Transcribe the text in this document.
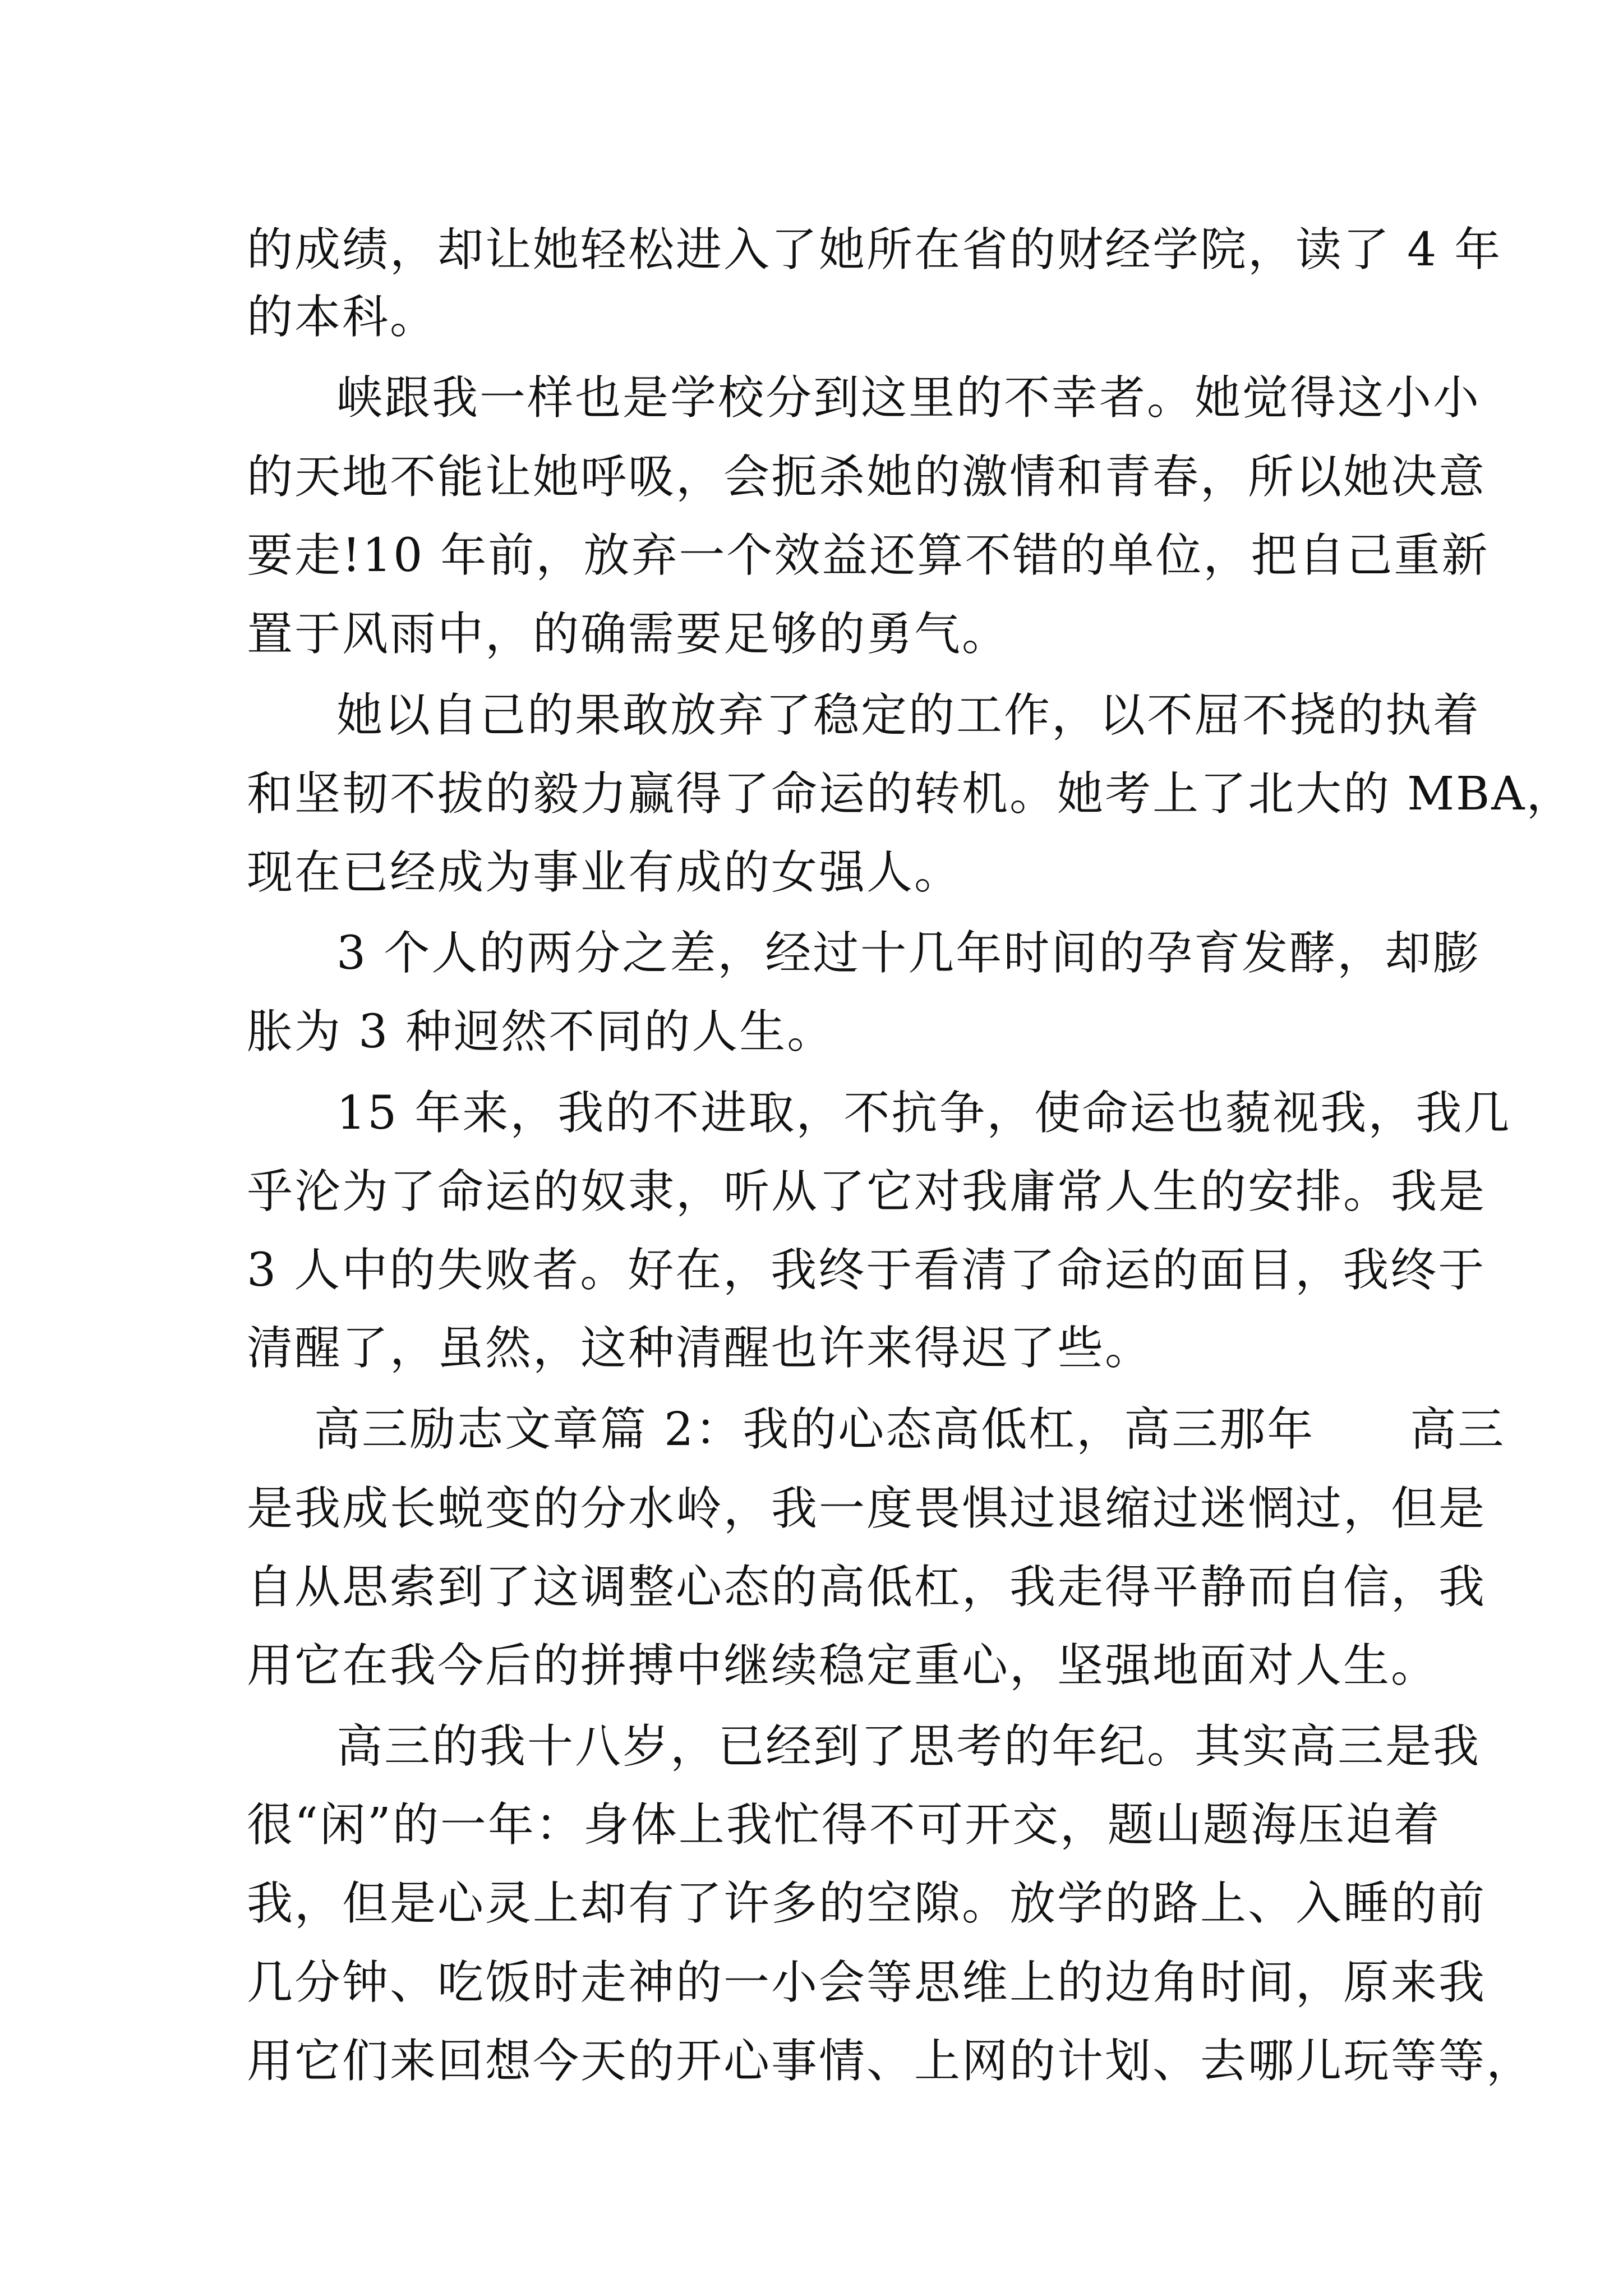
的成绩，却让她轻松进入了她所在省的财经学院，读了 4 年
的本科。
峡跟我一样也是学校分到这里的不幸者。她觉得这小小
的天地不能让她呼吸，会扼杀她的激情和青春，所以她决意
要走!10 年前，放弃一个效益还算不错的单位，把自己重新
置于风雨中，的确需要足够的勇气。
她以自己的果敢放弃了稳定的工作，以不屈不挠的执着
和坚韧不拔的毅力赢得了命运的转机。她考上了北大的 MBA，
现在已经成为事业有成的女强人。
3 个人的两分之差，经过十几年时间的孕育发酵，却膨
胀为 3 种迥然不同的人生。
15 年来，我的不进取，不抗争，使命运也藐视我，我几
乎沦为了命运的奴隶，听从了它对我庸常人生的安排。我是
3 人中的失败者。好在，我终于看清了命运的面目，我终于
清醒了，虽然，这种清醒也许来得迟了些。
高三励志文章篇 2：我的心态高低杠，高三那年　　高三
是我成长蜕变的分水岭，我一度畏惧过退缩过迷惘过，但是
自从思索到了这调整心态的高低杠，我走得平静而自信，我
用它在我今后的拼搏中继续稳定重心，坚强地面对人生。
高三的我十八岁，已经到了思考的年纪。其实高三是我
很“闲”的一年：身体上我忙得不可开交，题山题海压迫着
我，但是心灵上却有了许多的空隙。放学的路上、入睡的前
几分钟、吃饭时走神的一小会等思维上的边角时间，原来我
用它们来回想今天的开心事情、上网的计划、去哪儿玩等等，
